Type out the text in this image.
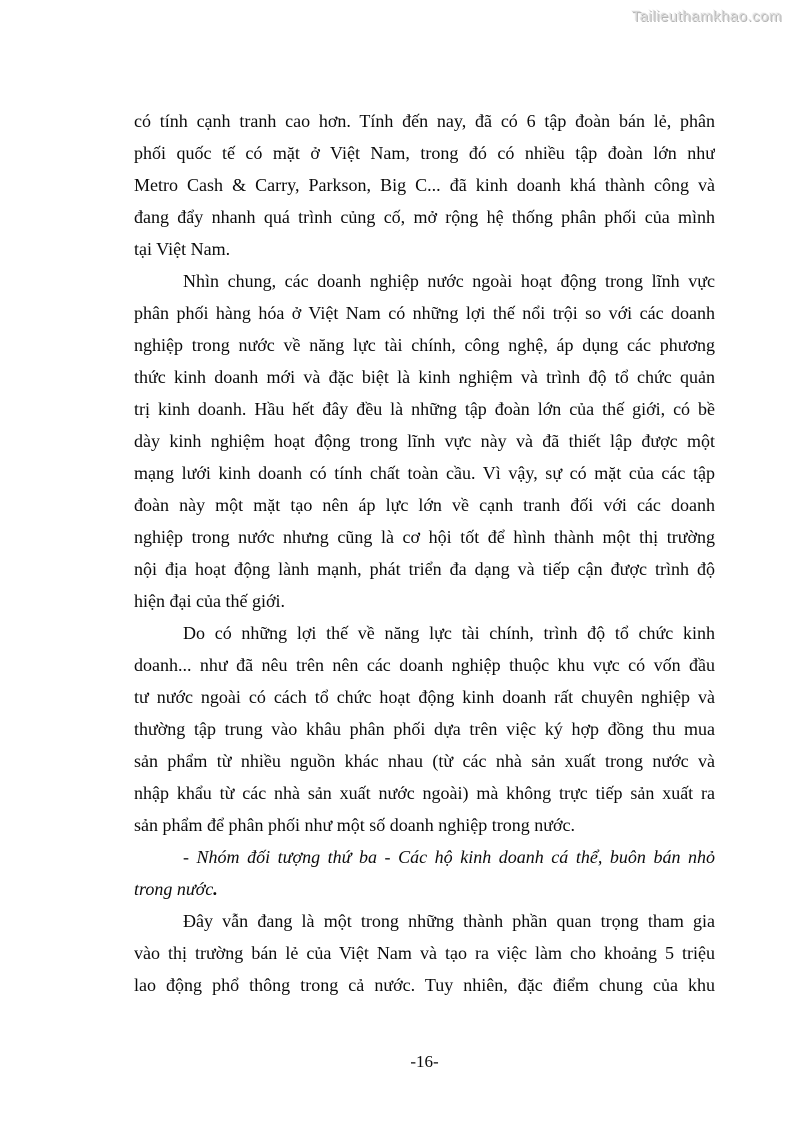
Tailieuthamkhao.com
có tính cạnh tranh cao hơn. Tính đến nay, đã có 6 tập đoàn bán lẻ, phân
phối quốc tế có mặt ở Việt Nam, trong đó có nhiều tập đoàn lớn như
Metro Cash & Carry, Parkson, Big C... đã kinh doanh khá thành công và
đang đẩy nhanh quá trình củng cố, mở rộng hệ thống phân phối của mình
tại Việt Nam.
Nhìn chung, các doanh nghiệp nước ngoài hoạt động trong lĩnh vực
phân phối hàng hóa ở Việt Nam có những lợi thế nổi trội so với các doanh
nghiệp trong nước về năng lực tài chính, công nghệ, áp dụng các phương
thức kinh doanh mới và đặc biệt là kinh nghiệm và trình độ tổ chức quản
trị kinh doanh. Hầu hết đây đều là những tập đoàn lớn của thế giới, có bề
dày kinh nghiệm hoạt động trong lĩnh vực này và đã thiết lập được một
mạng lưới kinh doanh có tính chất toàn cầu. Vì vậy, sự có mặt của các tập
đoàn này một mặt tạo nên áp lực lớn về cạnh tranh đối với các doanh
nghiệp trong nước nhưng cũng là cơ hội tốt để hình thành một thị trường
nội địa hoạt động lành mạnh, phát triển đa dạng và tiếp cận được trình độ
hiện đại của thế giới.
Do có những lợi thế về năng lực tài chính, trình độ tổ chức kinh
doanh... như đã nêu trên nên các doanh nghiệp thuộc khu vực có vốn đầu
tư nước ngoài có cách tổ chức hoạt động kinh doanh rất chuyên nghiệp và
thường tập trung vào khâu phân phối dựa trên việc ký hợp đồng thu mua
sản phẩm từ nhiều nguồn khác nhau (từ các nhà sản xuất trong nước và
nhập khẩu từ các nhà sản xuất nước ngoài) mà không trực tiếp sản xuất ra
sản phẩm để phân phối như một số doanh nghiệp trong nước.
- Nhóm đối tượng thứ ba - Các hộ kinh doanh cá thể, buôn bán nhỏ
trong nước.
Đây vẫn đang là một trong những thành phần quan trọng tham gia
vào thị trường bán lẻ của Việt Nam và tạo ra việc làm cho khoảng 5 triệu
lao động phổ thông trong cả nước. Tuy nhiên, đặc điểm chung của khu
-16-
